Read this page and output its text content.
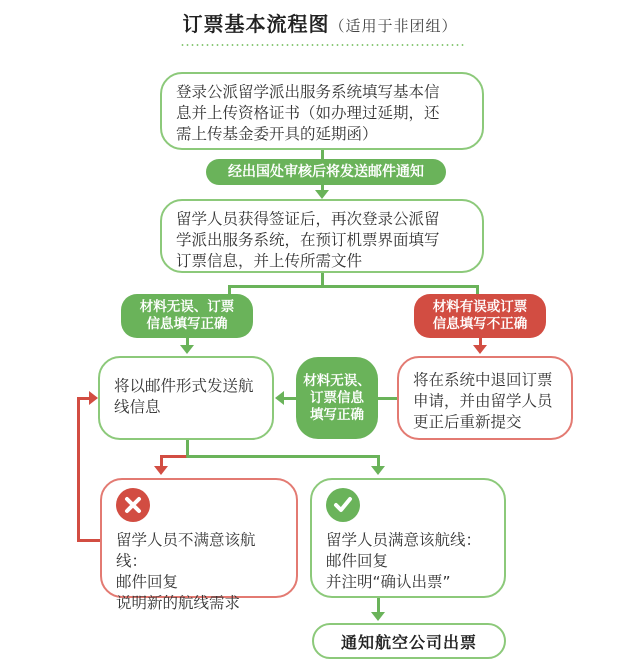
订票基本流程图（适用于非团组）
登录公派留学派出服务系统填写基本信
息并上传资格证书（如办理过延期，还
需上传基金委开具的延期函）
经出国处审核后将发送邮件通知
留学人员获得签证后，再次登录公派留
学派出服务系统，在预订机票界面填写
订票信息，并上传所需文件
材料无误、订票
信息填写正确
材料有误或订票
信息填写不正确
将以邮件形式发送航
线信息
材料无误、
订票信息
填写正确
将在系统中退回订票
申请，并由留学人员
更正后重新提交
留学人员不满意该航线：
邮件回复
说明新的航线需求
留学人员满意该航线：
邮件回复
并注明“确认出票”
通知航空公司出票
